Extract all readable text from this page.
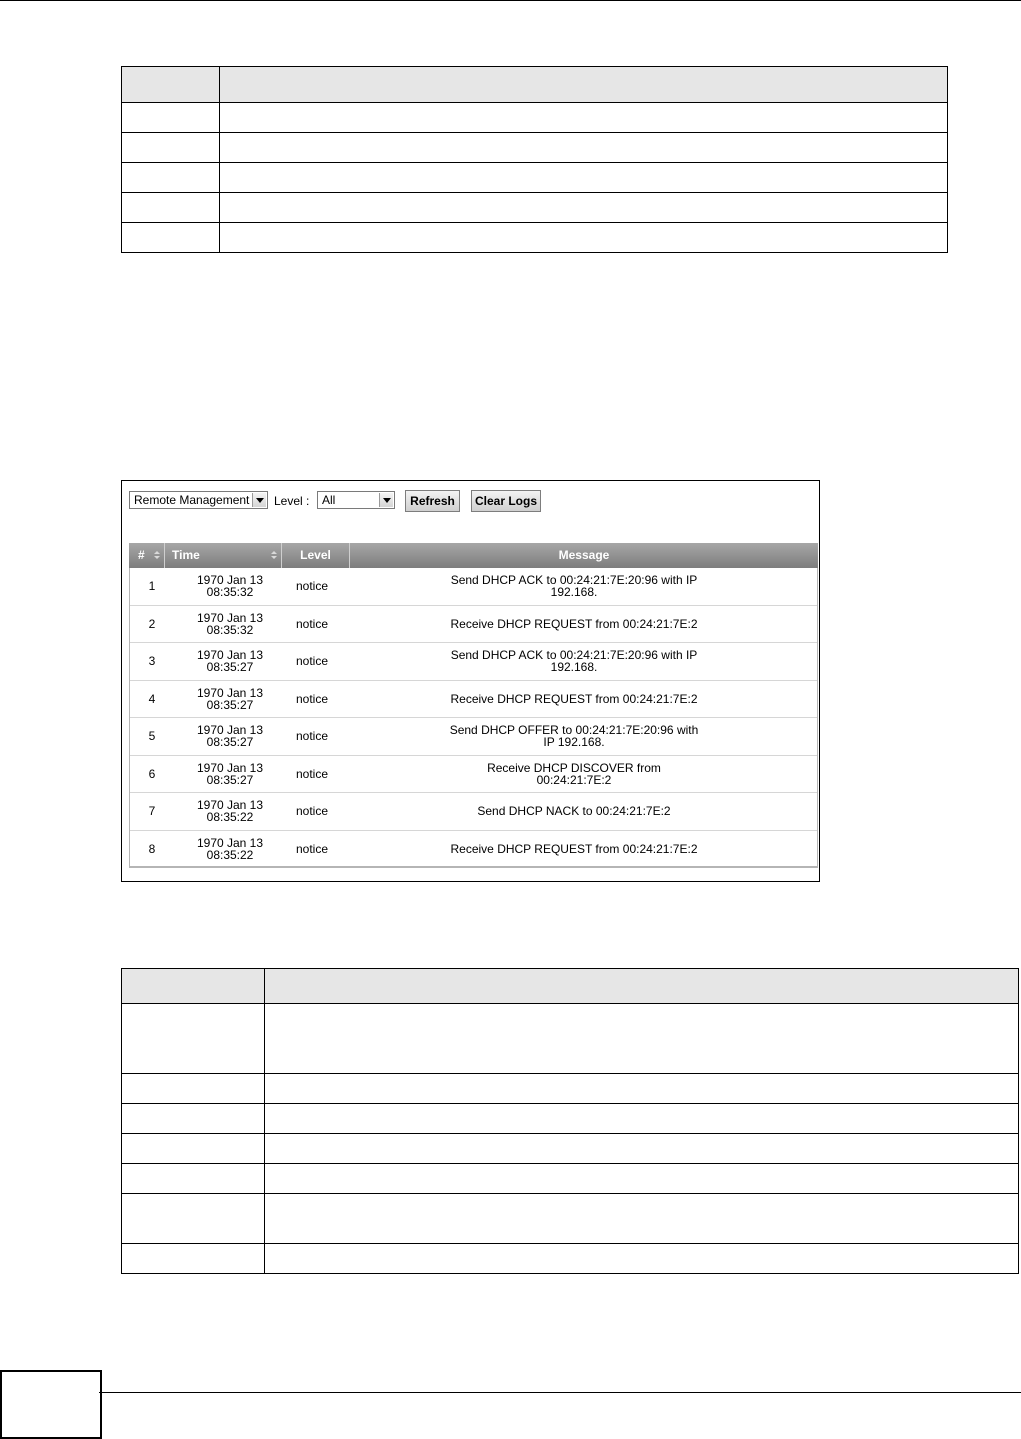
Remote Management Level : All	Refresh	Clear Logs
#	Time	Level	Message
1	1970 Jan 13 08:35:32	notice	Send DHCP ACK to 00:24:21:7E:20:96 with IP 192.168.
2	1970 Jan 13 08:35:32	notice	Receive DHCP REQUEST from 00:24:21:7E:2
3	1970 Jan 13 08:35:27	notice	Send DHCP ACK to 00:24:21:7E:20:96 with IP 192.168.
4	1970 Jan 13 08:35:27	notice	Receive DHCP REQUEST from 00:24:21:7E:2
5	1970 Jan 13 08:35:27	notice	Send DHCP OFFER to 00:24:21:7E:20:96 with IP 192.168.
6	1970 Jan 13 08:35:27	notice	Receive DHCP DISCOVER from 00:24:21:7E:2
7	1970 Jan 13 08:35:22	notice	Send DHCP NACK to 00:24:21:7E:2
8	1970 Jan 13 08:35:22	notice	Receive DHCP REQUEST from 00:24:21:7E:2
